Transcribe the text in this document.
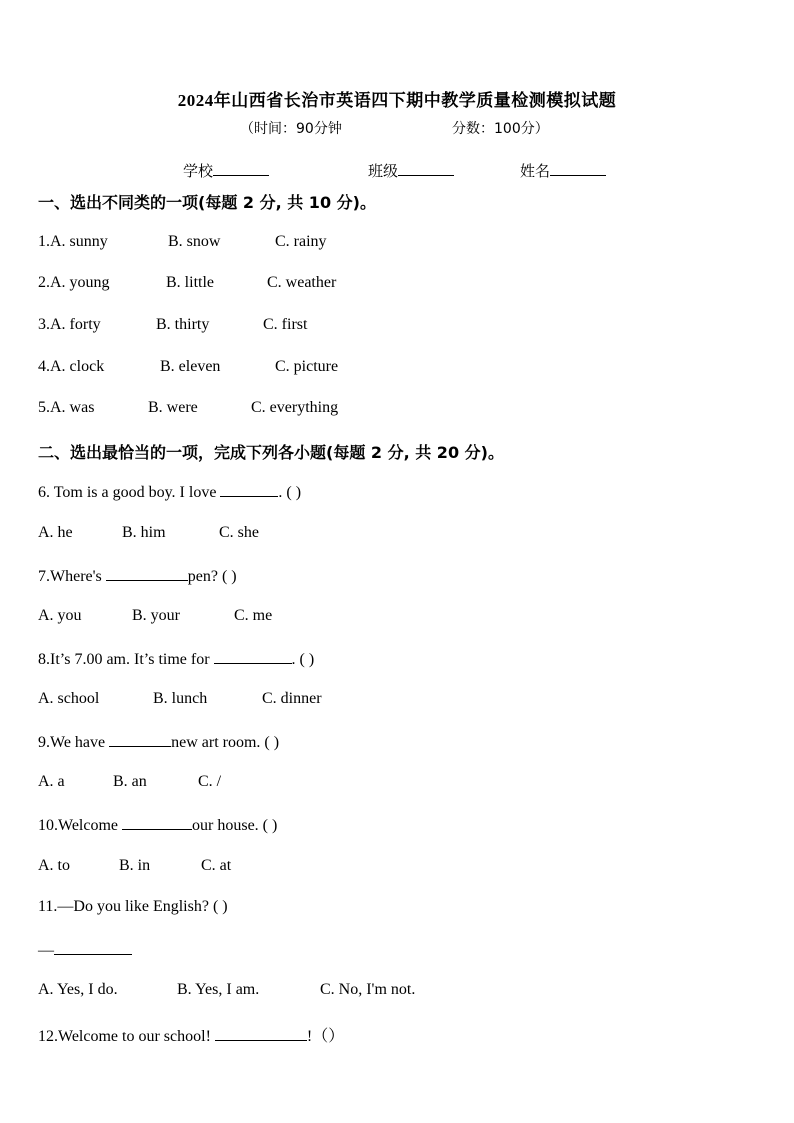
2024年山西省长治市英语四下期中教学质量检测模拟试题
（时间：90分钟	分数：100分）
学校	班级	姓名
一、选出不同类的一项(每题 2 分, 共 10 分)。
1.A. sunny	B. snow	C. rainy
2.A. young	B. little	C. weather
3.A. forty	B. thirty	C. first
4.A. clock	B. eleven	C. picture
5.A. was	B. were	C. everything
二、选出最恰当的一项，完成下列各小题(每题 2 分, 共 20 分)。
6. Tom is a good boy. I love	. ( )
A. he	B. him	C. she
7.Where's	pen? ( )
A. you	B. your	C. me
8.It’s 7.00 am. It’s time for	. ( )
A. school	B. lunch	C. dinner
9.We have	new art room. ( )
A. a	B. an	C. /
10.Welcome	our house. ( )
A. to	B. in	C. at
11.—Do you like English? ( )
—
A. Yes, I do.	B. Yes, I am.	C. No, I'm not.
12.Welcome to our school!	!（）
